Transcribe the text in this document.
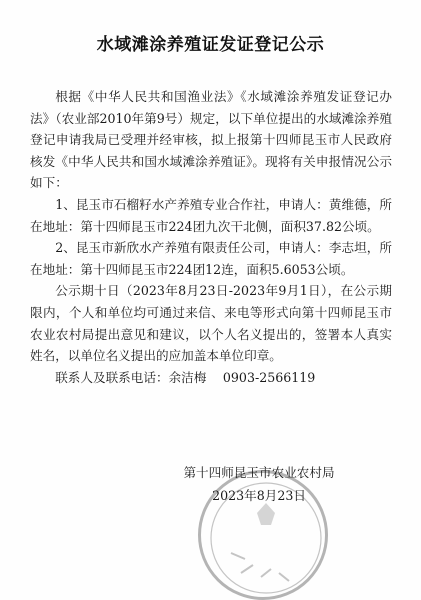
水域滩涂养殖证发证登记公示

根据《中华人民共和国渔业法》《水域滩涂养殖发证登记办法》（农业部2010年第9号）规定，以下单位提出的水域滩涂养殖登记申请我局已受理并经审核，拟上报第十四师昆玉市人民政府核发《中华人民共和国水域滩涂养殖证》。现将有关申报情况公示如下：

1、昆玉市石榴籽水产养殖专业合作社，申请人：黄维德，所在地址：第十四师昆玉市224团九次干北侧，面积37.82公顷。

2、昆玉市新欣水产养殖有限责任公司，申请人：李志坦，所在地址：第十四师昆玉市224团12连，面积5.6053公顷。

公示期十日（2023年8月23日-2023年9月1日），在公示期限内，个人和单位均可通过来信、来电等形式向第十四师昆玉市农业农村局提出意见和建议，以个人名义提出的，签署本人真实姓名，以单位名义提出的应加盖本单位印章。

联系人及联系电话：余洁梅　 0903-2566119

第十四师昆玉市农业农村局
2023年8月23日
